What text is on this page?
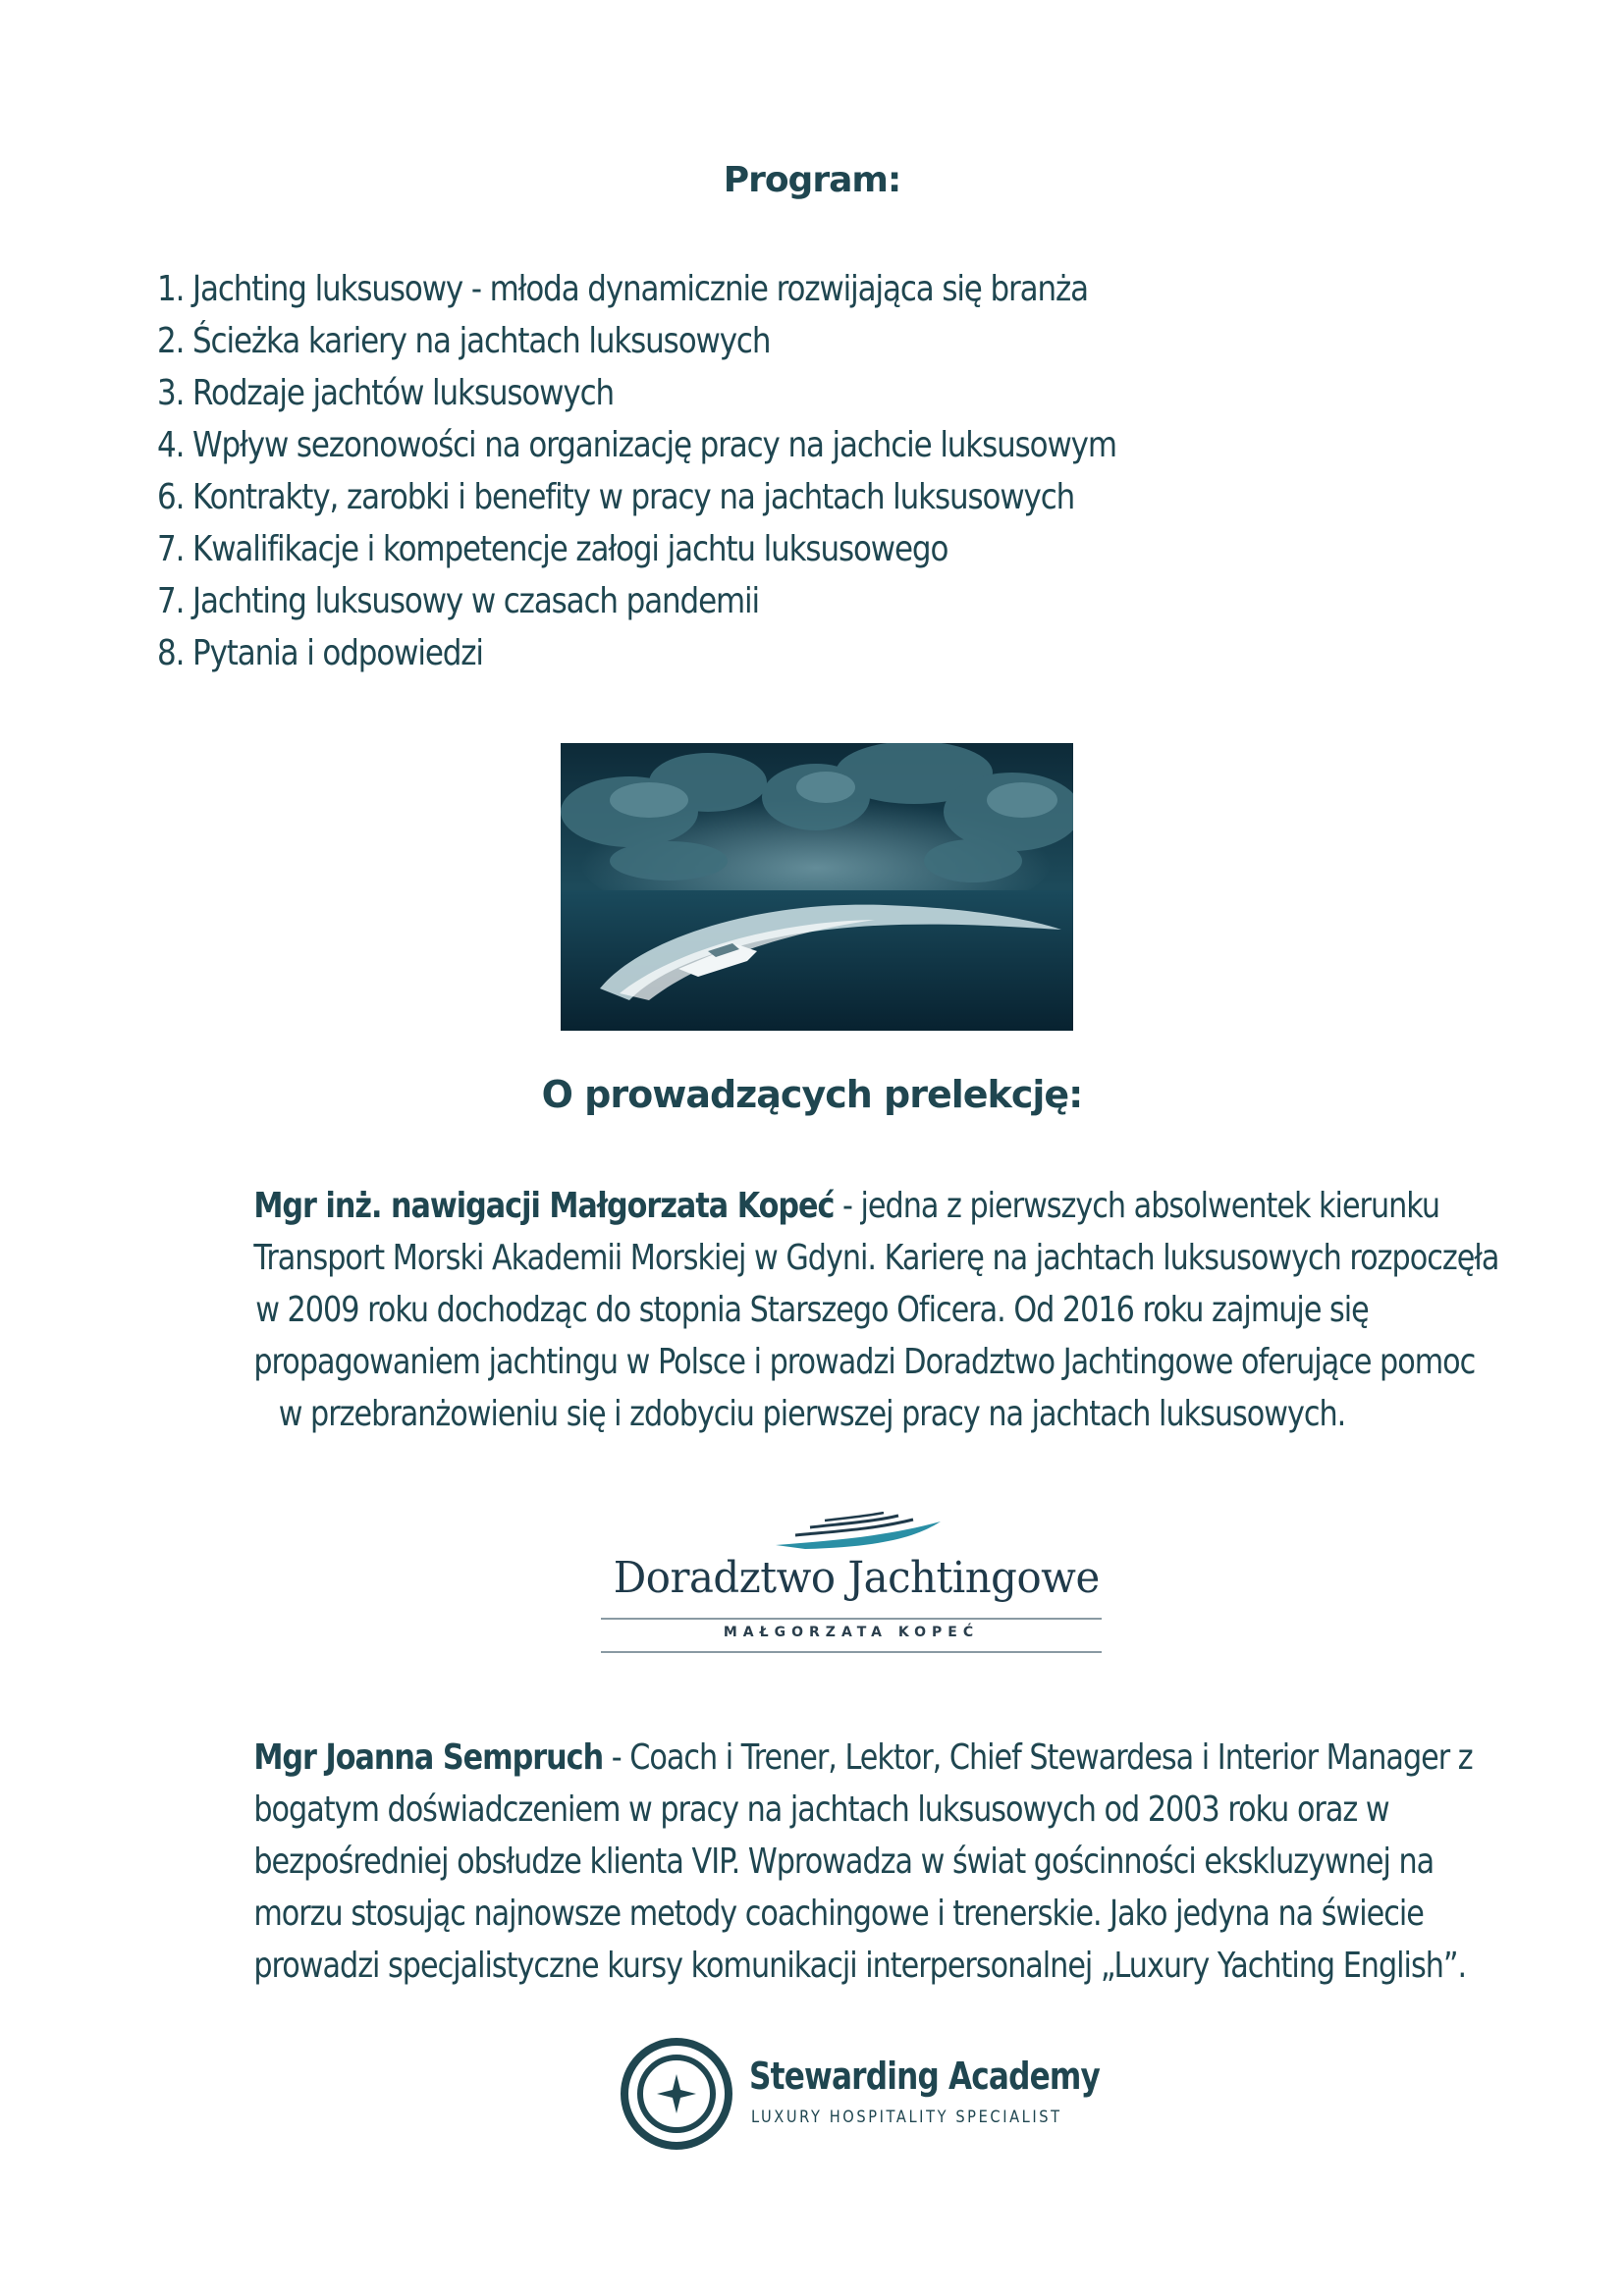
Program:
1. Jachting luksusowy - młoda dynamicznie rozwijająca się branża
2. Ścieżka kariery na jachtach luksusowych
3. Rodzaje jachtów luksusowych
4. Wpływ sezonowości na organizację pracy na jachcie luksusowym
6. Kontrakty, zarobki i benefity w pracy na jachtach luksusowych
7. Kwalifikacje i kompetencje załogi jachtu luksusowego
7. Jachting luksusowy w czasach pandemii
8. Pytania i odpowiedzi
O prowadzących prelekcję:

Mgr inż. nawigacji Małgorzata Kopeć - jedna z pierwszych absolwentek kierunku
Transport Morski Akademii Morskiej w Gdyni. Karierę na jachtach luksusowych rozpoczęła
w 2009 roku dochodząc do stopnia Starszego Oficera. Od 2016 roku zajmuje się
propagowaniem jachtingu w Polsce i prowadzi Doradztwo Jachtingowe oferujące pomoc
w przebranżowieniu się i zdobyciu pierwszej pracy na jachtach luksusowych.

Doradztwo Jachtingowe
MAŁGORZATA KOPEĆ

Mgr Joanna Sempruch - Coach i Trener, Lektor, Chief Stewardesa i Interior Manager z
bogatym doświadczeniem w pracy na jachtach luksusowych od 2003 roku oraz w
bezpośredniej obsłudze klienta VIP. Wprowadza w świat gościnności ekskluzywnej na
morzu stosując najnowsze metody coachingowe i trenerskie. Jako jedyna na świecie
prowadzi specjalistyczne kursy komunikacji interpersonalnej „Luxury Yachting English”.

Stewarding Academy
LUXURY HOSPITALITY SPECIALIST
